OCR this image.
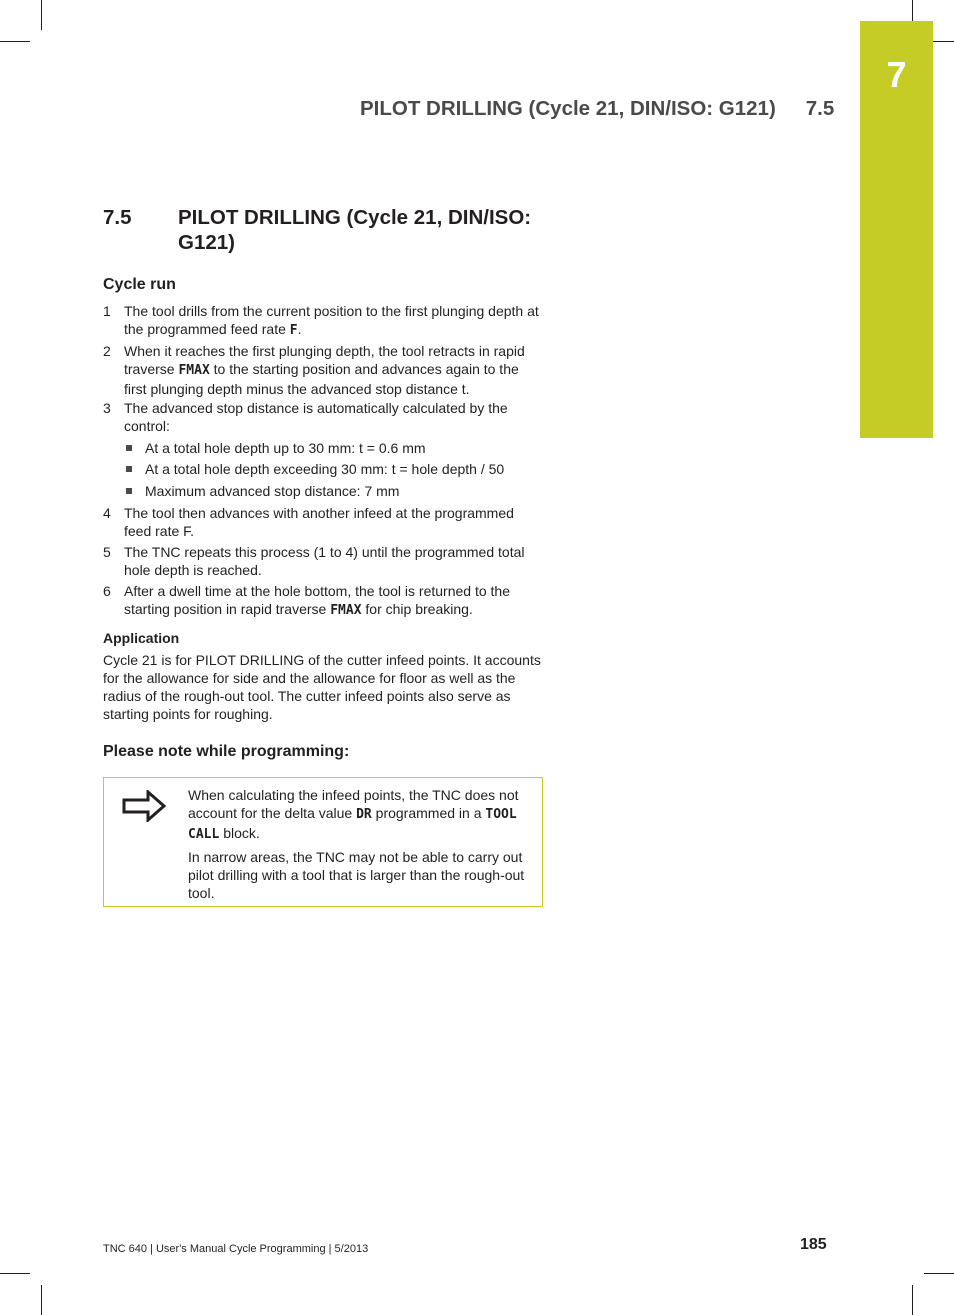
7
PILOT DRILLING (Cycle 21, DIN/ISO: G121) 7.5
7.5 PILOT DRILLING (Cycle 21, DIN/ISO: G121)
Cycle run
1 The tool drills from the current position to the first plunging depth at the programmed feed rate F.
2 When it reaches the first plunging depth, the tool retracts in rapid traverse FMAX to the starting position and advances again to the first plunging depth minus the advanced stop distance t.
3 The advanced stop distance is automatically calculated by the control:
At a total hole depth up to 30 mm: t = 0.6 mm
At a total hole depth exceeding 30 mm: t = hole depth / 50
Maximum advanced stop distance: 7 mm
4 The tool then advances with another infeed at the programmed feed rate F.
5 The TNC repeats this process (1 to 4) until the programmed total hole depth is reached.
6 After a dwell time at the hole bottom, the tool is returned to the starting position in rapid traverse FMAX for chip breaking.
Application
Cycle 21 is for PILOT DRILLING of the cutter infeed points. It accounts for the allowance for side and the allowance for floor as well as the radius of the rough-out tool. The cutter infeed points also serve as starting points for roughing.
Please note while programming:

When calculating the infeed points, the TNC does not account for the delta value DR programmed in a TOOL CALL block.

In narrow areas, the TNC may not be able to carry out pilot drilling with a tool that is larger than the rough-out tool.

TNC 640 | User's Manual Cycle Programming | 5/2013	185
